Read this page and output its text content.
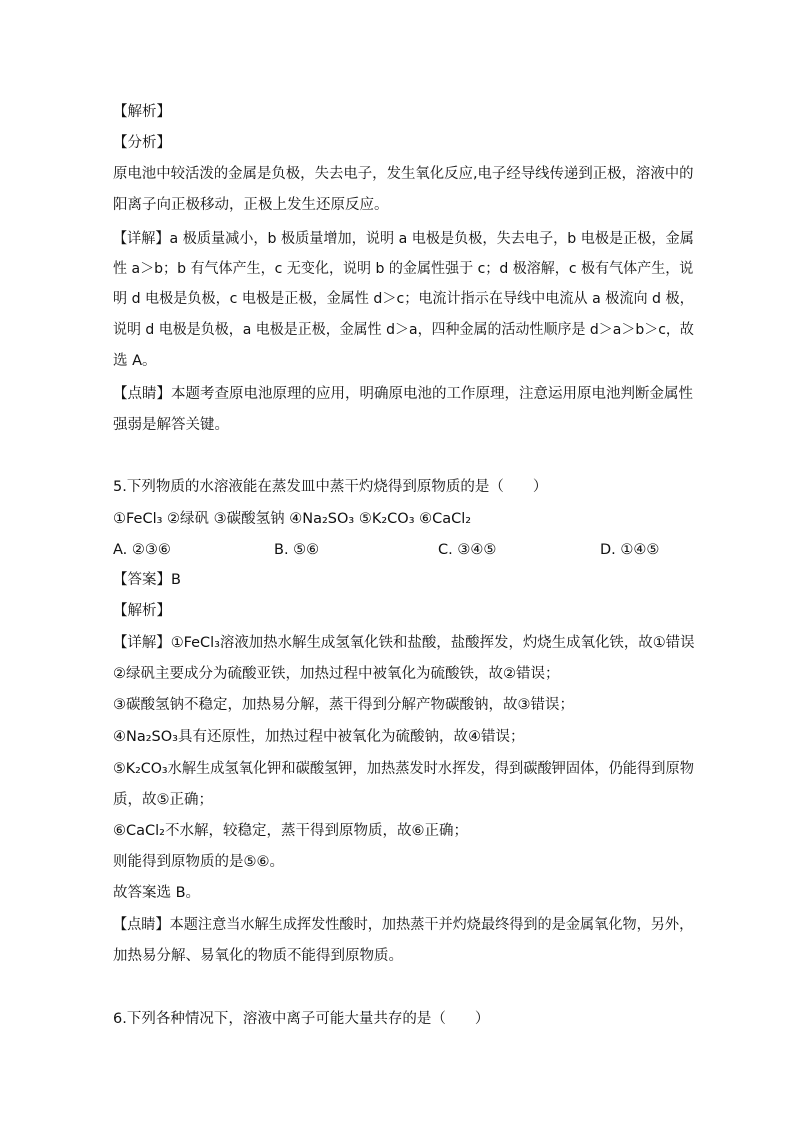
【解析】
【分析】
原电池中较活泼的金属是负极，失去电子，发生氧化反应,电子经导线传递到正极，溶液中的
阳离子向正极移动，正极上发生还原反应。
【详解】a 极质量减小，b 极质量增加，说明 a 电极是负极，失去电子，b 电极是正极，金属
性 a＞b；b 有气体产生，c 无变化，说明 b 的金属性强于 c；d 极溶解，c 极有气体产生，说
明 d 电极是负极，c 电极是正极，金属性 d＞c；电流计指示在导线中电流从 a 极流向 d 极，
说明 d 电极是负极，a 电极是正极，金属性 d＞a，四种金属的活动性顺序是 d＞a＞b＞c，故
选 A。
【点睛】本题考查原电池原理的应用，明确原电池的工作原理，注意运用原电池判断金属性
强弱是解答关键。
5.下列物质的水溶液能在蒸发皿中蒸干灼烧得到原物质的是（　　）
①FeCl₃ ②绿矾 ③碳酸氢钠 ④Na₂SO₃ ⑤K₂CO₃ ⑥CaCl₂
A. ②③⑥	B. ⑤⑥	C. ③④⑤	D. ①④⑤
【答案】B
【解析】
【详解】①FeCl₃溶液加热水解生成氢氧化铁和盐酸，盐酸挥发，灼烧生成氧化铁，故①错误
②绿矾主要成分为硫酸亚铁，加热过程中被氧化为硫酸铁，故②错误；
③碳酸氢钠不稳定，加热易分解，蒸干得到分解产物碳酸钠，故③错误；
④Na₂SO₃具有还原性，加热过程中被氧化为硫酸钠，故④错误；
⑤K₂CO₃水解生成氢氧化钾和碳酸氢钾，加热蒸发时水挥发，得到碳酸钾固体，仍能得到原物
质，故⑤正确；
⑥CaCl₂不水解，较稳定，蒸干得到原物质，故⑥正确；
则能得到原物质的是⑤⑥。
故答案选 B。
【点睛】本题注意当水解生成挥发性酸时，加热蒸干并灼烧最终得到的是金属氧化物，另外，
加热易分解、易氧化的物质不能得到原物质。
6.下列各种情况下，溶液中离子可能大量共存的是（　　）
